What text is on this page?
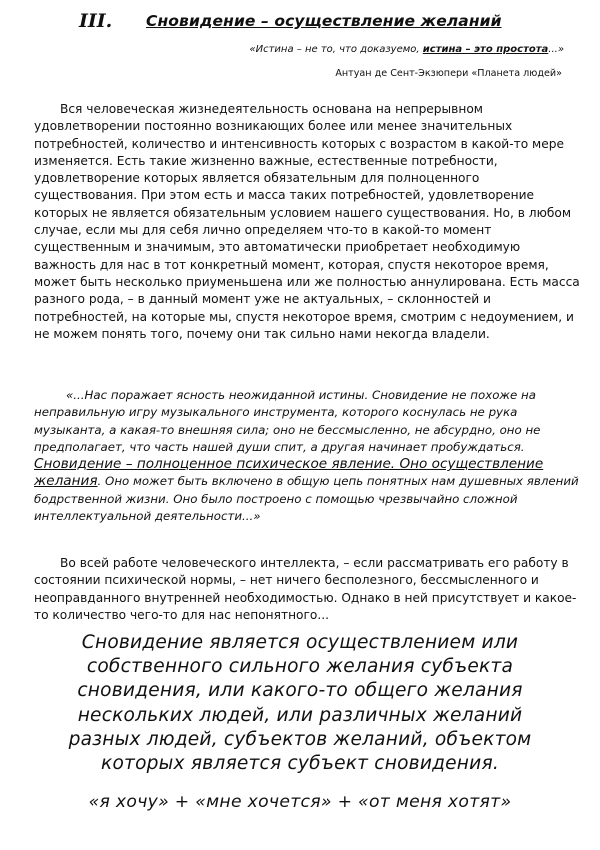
III. Сновидение – осуществление желаний
«Истина – не то, что доказуемо, истина – это простота...»
Антуан де Сент-Экзюпери «Планета людей»

Вся человеческая жизнедеятельность основана на непрерывном удовлетворении постоянно возникающих более или менее значительных потребностей, количество и интенсивность которых с возрастом в какой-то мере изменяется. Есть такие жизненно важные, естественные потребности, удовлетворение которых является обязательным для полноценного существования. При этом есть и масса таких потребностей, удовлетворение которых не является обязательным условием нашего существования. Но, в любом случае, если мы для себя лично определяем что-то в какой-то момент существенным и значимым, это автоматически приобретает необходимую важность для нас в тот конкретный момент, которая, спустя некоторое время, может быть несколько приуменьшена или же полностью аннулирована. Есть масса разного рода, – в данный момент уже не актуальных, – склонностей и потребностей, на которые мы, спустя некоторое время, смотрим с недоумением, и не можем понять того, почему они так сильно нами некогда владели.

«...Нас поражает ясность неожиданной истины. Сновидение не похоже на неправильную игру музыкального инструмента, которого коснулась не рука музыканта, а какая-то внешняя сила; оно не бессмысленно, не абсурдно, оно не предполагает, что часть нашей души спит, а другая начинает пробуждаться. Сновидение – полноценное психическое явление. Оно осуществление желания. Оно может быть включено в общую цепь понятных нам душевных явлений бодрственной жизни. Оно было построено с помощью чрезвычайно сложной интеллектуальной деятельности...»

Во всей работе человеческого интеллекта, – если рассматривать его работу в состоянии психической нормы, – нет ничего бесполезного, бессмысленного и неоправданного внутренней необходимостью. Однако в ней присутствует и какое-то количество чего-то для нас непонятного...

Сновидение является осуществлением или собственного сильного желания субъекта сновидения, или какого-то общего желания нескольких людей, или различных желаний разных людей, субъектов желаний, объектом которых является субъект сновидения.

«я хочу» + «мне хочется» + «от меня хотят»
